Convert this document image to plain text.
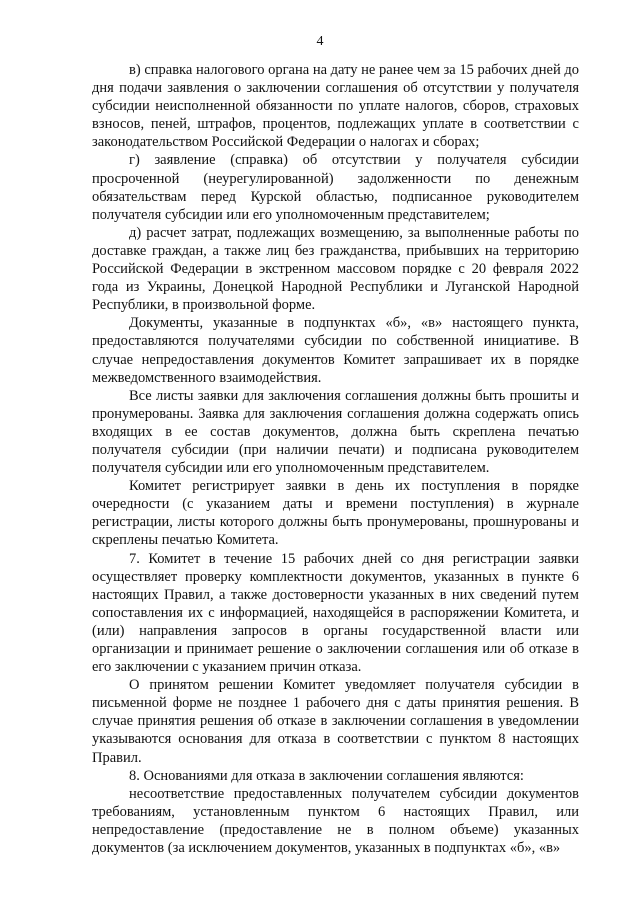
4

в) справка налогового органа на дату не ранее чем за 15 рабочих дней до дня подачи заявления о заключении соглашения об отсутствии у получателя субсидии неисполненной обязанности по уплате налогов, сборов, страховых взносов, пеней, штрафов, процентов, подлежащих уплате в соответствии с законодательством Российской Федерации о налогах и сборах;

г) заявление (справка) об отсутствии у получателя субсидии просроченной (неурегулированной) задолженности по денежным обязательствам перед Курской областью, подписанное руководителем получателя субсидии или его уполномоченным представителем;

д) расчет затрат, подлежащих возмещению, за выполненные работы по доставке граждан, а также лиц без гражданства, прибывших на территорию Российской Федерации в экстренном массовом порядке с 20 февраля 2022 года из Украины, Донецкой Народной Республики и Луганской Народной Республики, в произвольной форме.

Документы, указанные в подпунктах «б», «в» настоящего пункта, предоставляются получателями субсидии по собственной инициативе. В случае непредоставления документов Комитет запрашивает их в порядке межведомственного взаимодействия.

Все листы заявки для заключения соглашения должны быть прошиты и пронумерованы. Заявка для заключения соглашения должна содержать опись входящих в ее состав документов, должна быть скреплена печатью получателя субсидии (при наличии печати) и подписана руководителем получателя субсидии или его уполномоченным представителем.

Комитет регистрирует заявки в день их поступления в порядке очередности (с указанием даты и времени поступления) в журнале регистрации, листы которого должны быть пронумерованы, прошнурованы и скреплены печатью Комитета.

7. Комитет в течение 15 рабочих дней со дня регистрации заявки осуществляет проверку комплектности документов, указанных в пункте 6 настоящих Правил, а также достоверности указанных в них сведений путем сопоставления их с информацией, находящейся в распоряжении Комитета, и (или) направления запросов в органы государственной власти или организации и принимает решение о заключении соглашения или об отказе в его заключении с указанием причин отказа.

О принятом решении Комитет уведомляет получателя субсидии в письменной форме не позднее 1 рабочего дня с даты принятия решения. В случае принятия решения об отказе в заключении соглашения в уведомлении указываются основания для отказа в соответствии с пунктом 8 настоящих Правил.

8. Основаниями для отказа в заключении соглашения являются:

несоответствие предоставленных получателем субсидии документов требованиям, установленным пунктом 6 настоящих Правил, или непредоставление (предоставление не в полном объеме) указанных документов (за исключением документов, указанных в подпунктах «б», «в»
